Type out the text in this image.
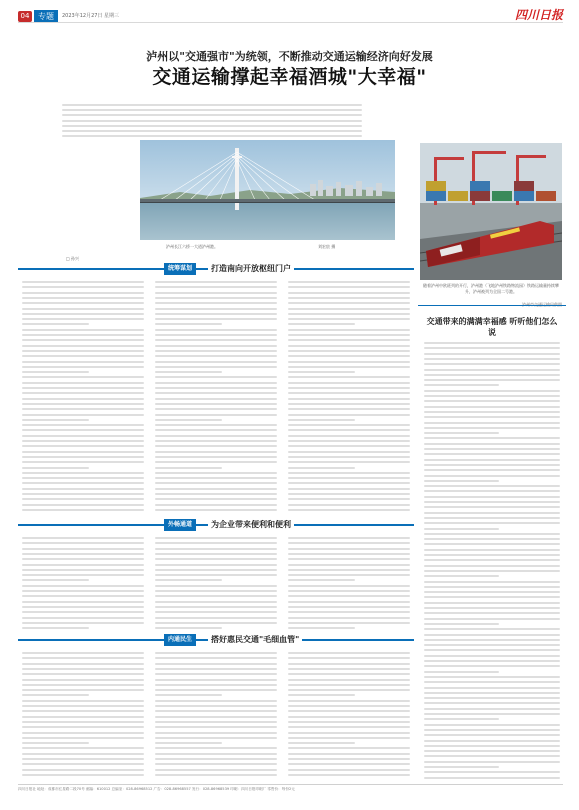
04	专题	2023年12月27日 星期三	四川日报
泸州以"交通强市"为统领，不断推动交通运输经济向好发展
交通运输撑起幸福酒城"大幸福"
泸州长江六桥一大道泸州港。	刘宏宸 摄
随着泸州中欧班列的开行，泸州港（飞地泸州铁路物流园）铁路运输量持续攀升，泸州被列为全国二号港。
泸州市交通运输局供图
□ 孙兴
统筹谋划	打造南向开放枢纽门户
外畅通道	为企业带来便利和便利
内通民生	搭好惠民交通"毛细血管"
交通带来的满满幸福感 听听他们怎么说
四川日报社 地址：成都市红星路二段70号 邮编：610012 总编室：028-86968512 广告：028-86968557 发行：028-86968539 印刷：四川日报印刷厂 零售价：每份2元
